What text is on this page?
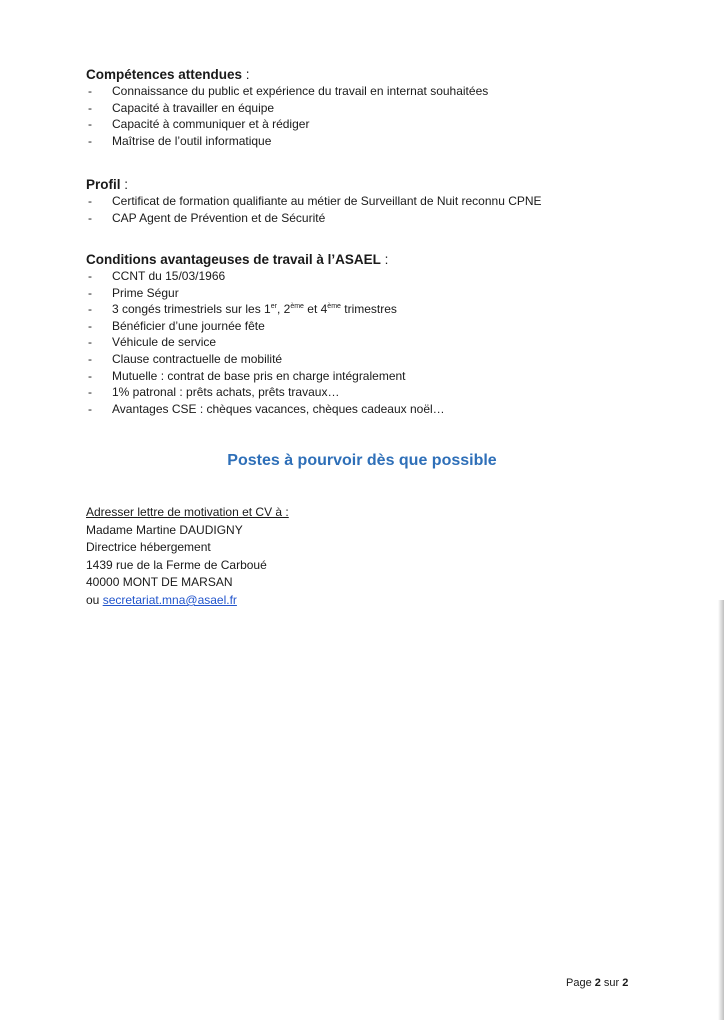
Compétences attendues :

- Connaissance du public et expérience du travail en internat souhaitées
- Capacité à travailler en équipe
- Capacité à communiquer et à rédiger
- Maîtrise de l’outil informatique

Profil :

- Certificat de formation qualifiante au métier de Surveillant de Nuit reconnu CPNE
- CAP Agent de Prévention et de Sécurité

Conditions avantageuses de travail à l’ASAEL :

- CCNT du 15/03/1966
- Prime Ségur
- 3 congés trimestriels sur les 1er, 2ème et 4ème trimestres
- Bénéficier d’une journée fête
- Véhicule de service
- Clause contractuelle de mobilité
- Mutuelle : contrat de base pris en charge intégralement
- 1% patronal : prêts achats, prêts travaux…
- Avantages CSE : chèques vacances, chèques cadeaux noël…

Postes à pourvoir dès que possible

Adresser lettre de motivation et CV à :
Madame Martine DAUDIGNY
Directrice hébergement
1439 rue de la Ferme de Carboué
40000 MONT DE MARSAN
ou secretariat.mna@asael.fr
Page 2 sur 2
